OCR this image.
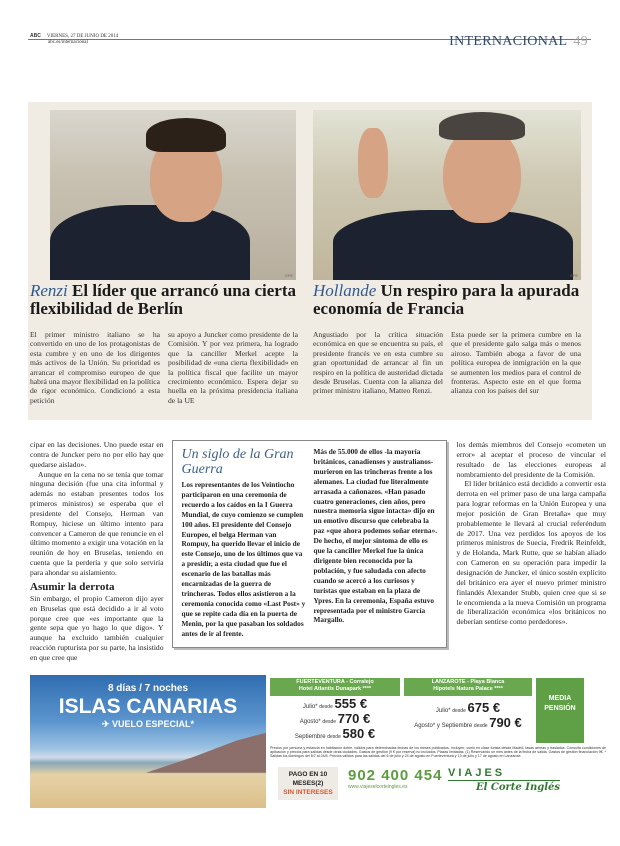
ABC VIERNES, 27 DE JUNIO DE 2014
abc.es/internacional	INTERNACIONAL 49
EFE	EFE
Renzi El líder que arrancó una cierta flexibilidad de Berlín
El primer ministro italiano se ha convertido en uno de los protagonistas de esta cumbre y en uno de los dirigentes más activos de la Unión. Su prioridad es arrancar el compromiso europeo de que habrá una mayor flexibilidad en la política de rigor económico. Condicionó a esta petición
su apoyo a Juncker como presidente de la Comisión. Y por vez primera, ha logrado que la canciller Merkel acepte la posibilidad de «una cierta flexibilidad» en la política fiscal que facilite un mayor crecimiento económico. Espera dejar su huella en la próxima presidencia italiana de la UE
Hollande Un respiro para la apurada economía de Francia
Angustiado por la crítica situación económica en que se encuentra su país, el presidente francés ve en esta cumbre su gran oportunidad de arrancar al fin un respiro en la política de austeridad dictada desde Bruselas. Cuenta con la alianza del primer ministro italiano, Matteo Renzi.
Esta puede ser la primera cumbre en la que el presidente galo salga más o menos airoso. También aboga a favor de una política europea de inmigración en la que se aumenten los medios para el control de fronteras. Aspecto este en el que forma alianza con los países del sur

cipar en las decisiones. Uno puede estar en contra de Juncker pero no por ello hay que quedarse aislado».

Aunque en la cena no se tenía que tomar ninguna decisión (fue una cita informal y además no estaban presentes todos los primeros ministros) se esperaba que el presidente del Consejo, Herman van Rompuy, hiciese un último intento para convencer a Cameron de que renuncie en el último momento a exigir una votación en la reunión de hoy en Bruselas, teniendo en cuenta que la perdería y que solo serviría para ahondar su aislamiento.

Asumir la derrota

Sin embargo, el propio Cameron dijo ayer en Bruselas que está decidido a ir al voto porque cree que «es importante que la gente sepa que yo hago lo que digo». Y aunque ha excluido también cualquier reacción rupturista por su parte, ha insistido en que cree que

Un siglo de la Gran Guerra
Los representantes de los Veintiocho participaron en una ceremonia de recuerdo a los caídos en la I Guerra Mundial, de cuyo comienzo se cumplen 100 años. El presidente del Consejo Europeo, el belga Herman van Rompuy, ha querido llevar el inicio de este Consejo, uno de los últimos que va a presidir, a esta ciudad que fue el escenario de las batallas más encarnizadas de la guerra de trincheras. Todos ellos asistieron a la ceremonia conocida como «Last Post» y que se repite cada día en la puerta de Menin, por la que pasaban los soldados antes de ir al frente.
Más de 55.000 de ellos -la mayoría británicos, canadienses y australianos- murieron en las trincheras frente a los alemanes. La ciudad fue literalmente arrasada a cañonazos. «Han pasado cuatro generaciones, cien años, pero nuestra memoria sigue intacta» dijo en un emotivo discurso que celebraba la paz «que ahora podemos soñar eterna». De hecho, el mejor síntoma de ello es que la canciller Merkel fue la única dirigente bien reconocida por la población, y fue saludada con afecto cuando se acercó a los curiosos y turistas que estaban en la plaza de Ypres. En la ceremonia, España estuvo representada por el ministro García Margallo.

los demás miembros del Consejo «cometen un error» al aceptar el proceso de vincular el resultado de las elecciones europeas al nombramiento del presidente de la Comisión.

El líder británico está decidido a convertir esta derrota en «el primer paso de una larga campaña para lograr reformas en la Unión Europea y una mejor posición de Gran Bretaña» que muy probablemente le llevará al crucial referéndum de 2017. Una vez perdidos los apoyos de los primeros ministros de Suecia, Fredrik Reinfeldt, y de Holanda, Mark Rutte, que se habían aliado con Cameron en su operación para impedir la designación de Juncker, el único sostén explícito del británico era ayer el nuevo primer ministro finlandés Alexander Stubb, quien cree que si se le encomienda a la nueva Comisión un programa de liberalización económica «los británicos no deberían sentirse como perdedores».

8 días / 7 noches
ISLAS CANARIAS
✈ VUELO ESPECIAL*
FUERTEVENTURA - Corralejo
Hotel Atlantis Dunapark ****
Julio* desde 555 €
Agosto* desde 770 €
Septiembre desde 580 €
LANZAROTE - Playa Blanca
Hipotels Natura Palace ****
Julio* desde 675 €
Agosto* y Septiembre desde 790 €
MEDIA PENSIÓN
Precios por persona y estancia en habitación doble, válidos para determinadas fechas de los meses publicados. Incluyen: vuelo en clase turista desde Madrid, tasas aéreas y traslados. Consulta condiciones de aplicación y precios para salidas desde otras ciudades. Gastos de gestión (9 € por reserva) no incluidos. Plazas limitadas. (1) Reservando un mes antes de la fecha de salida. Gastos de gestión financiación 9€. * Salidas los domingos del 6/7 al 24/8. Precios válidos para las salidas del 6 de julio y 24 de agosto en Fuerteventura y 13 de julio y 17 de agosto en Lanzarote.
PAGO EN 10 MESES(2)
SIN INTERESES
902 400 454
www.viajeselcorteingles.es
VIAJES
El Corte Inglés
